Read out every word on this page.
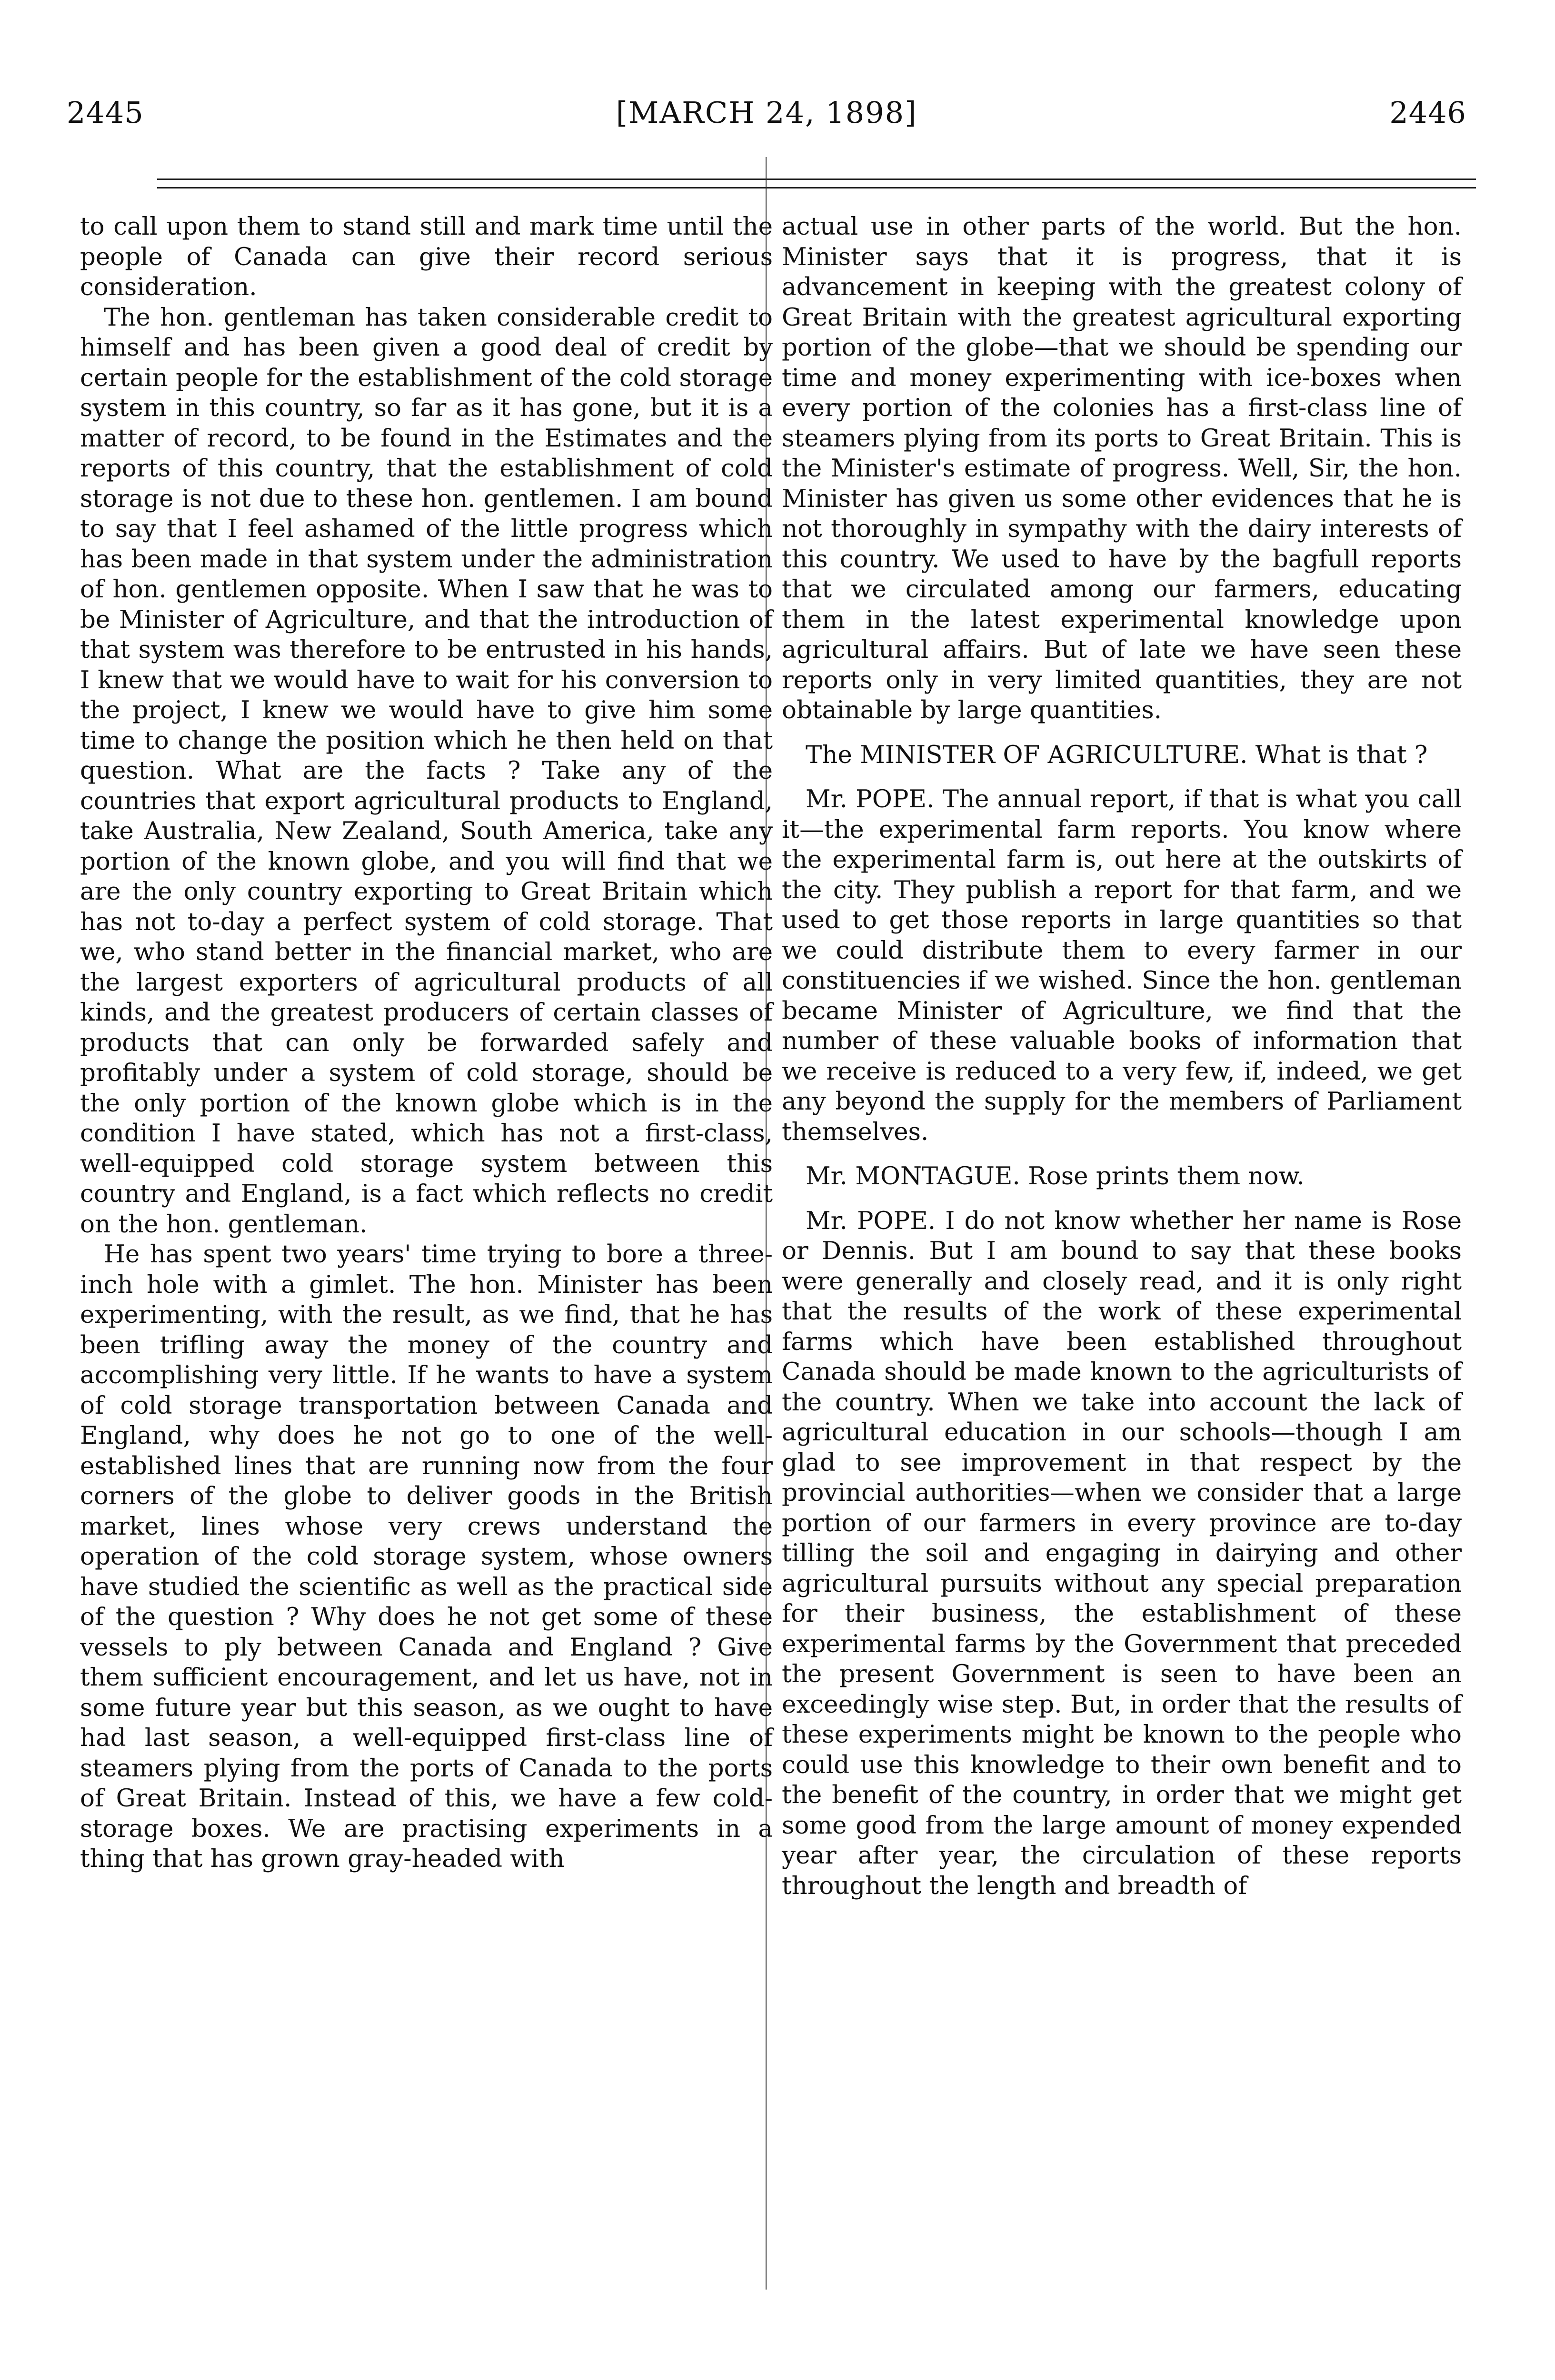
2445	[MARCH 24, 1898]	2446

to call upon them to stand still and mark time until the people of Canada can give their record serious consideration.

The hon. gentleman has taken considerable credit to himself and has been given a good deal of credit by certain people for the establishment of the cold storage system in this country, so far as it has gone, but it is a matter of record, to be found in the Estimates and the reports of this country, that the establishment of cold storage is not due to these hon. gentlemen. I am bound to say that I feel ashamed of the little progress which has been made in that system under the administration of hon. gentlemen opposite. When I saw that he was to be Minister of Agriculture, and that the introduction of that system was therefore to be entrusted in his hands, I knew that we would have to wait for his conversion to the project, I knew we would have to give him some time to change the position which he then held on that question. What are the facts ? Take any of the countries that export agricultural products to England, take Australia, New Zealand, South America, take any portion of the known globe, and you will find that we are the only country exporting to Great Britain which has not to-day a perfect system of cold storage. That we, who stand better in the financial market, who are the largest exporters of agricultural products of all kinds, and the greatest producers of certain classes of products that can only be forwarded safely and profitably under a system of cold storage, should be the only portion of the known globe which is in the condition I have stated, which has not a first-class, well-equipped cold storage system between this country and England, is a fact which reflects no credit on the hon. gentleman.

He has spent two years' time trying to bore a three-inch hole with a gimlet. The hon. Minister has been experimenting, with the result, as we find, that he has been trifling away the money of the country and accomplishing very little. If he wants to have a system of cold storage transportation between Canada and England, why does he not go to one of the well-established lines that are running now from the four corners of the globe to deliver goods in the British market, lines whose very crews understand the operation of the cold storage system, whose owners have studied the scientific as well as the practical side of the question ? Why does he not get some of these vessels to ply between Canada and England ? Give them sufficient encouragement, and let us have, not in some future year but this season, as we ought to have had last season, a well-equipped first-class line of steamers plying from the ports of Canada to the ports of Great Britain. Instead of this, we have a few cold-storage boxes. We are practising experiments in a thing that has grown gray-headed with

actual use in other parts of the world. But the hon. Minister says that it is progress, that it is advancement in keeping with the greatest colony of Great Britain with the greatest agricultural exporting portion of the globe—that we should be spending our time and money experimenting with ice-boxes when every portion of the colonies has a first-class line of steamers plying from its ports to Great Britain. This is the Minister's estimate of progress. Well, Sir, the hon. Minister has given us some other evidences that he is not thoroughly in sympathy with the dairy interests of this country. We used to have by the bagfull reports that we circulated among our farmers, educating them in the latest experimental knowledge upon agricultural affairs. But of late we have seen these reports only in very limited quantities, they are not obtainable by large quantities.

The MINISTER OF AGRICULTURE. What is that ?

Mr. POPE. The annual report, if that is what you call it—the experimental farm reports. You know where the experimental farm is, out here at the outskirts of the city. They publish a report for that farm, and we used to get those reports in large quantities so that we could distribute them to every farmer in our constituencies if we wished. Since the hon. gentleman became Minister of Agriculture, we find that the number of these valuable books of information that we receive is reduced to a very few, if, indeed, we get any beyond the supply for the members of Parliament themselves.

Mr. MONTAGUE. Rose prints them now.

Mr. POPE. I do not know whether her name is Rose or Dennis. But I am bound to say that these books were generally and closely read, and it is only right that the results of the work of these experimental farms which have been established throughout Canada should be made known to the agriculturists of the country. When we take into account the lack of agricultural education in our schools—though I am glad to see improvement in that respect by the provincial authorities—when we consider that a large portion of our farmers in every province are to-day tilling the soil and engaging in dairying and other agricultural pursuits without any special preparation for their business, the establishment of these experimental farms by the Government that preceded the present Government is seen to have been an exceedingly wise step. But, in order that the results of these experiments might be known to the people who could use this knowledge to their own benefit and to the benefit of the country, in order that we might get some good from the large amount of money expended year after year, the circulation of these reports throughout the length and breadth of
